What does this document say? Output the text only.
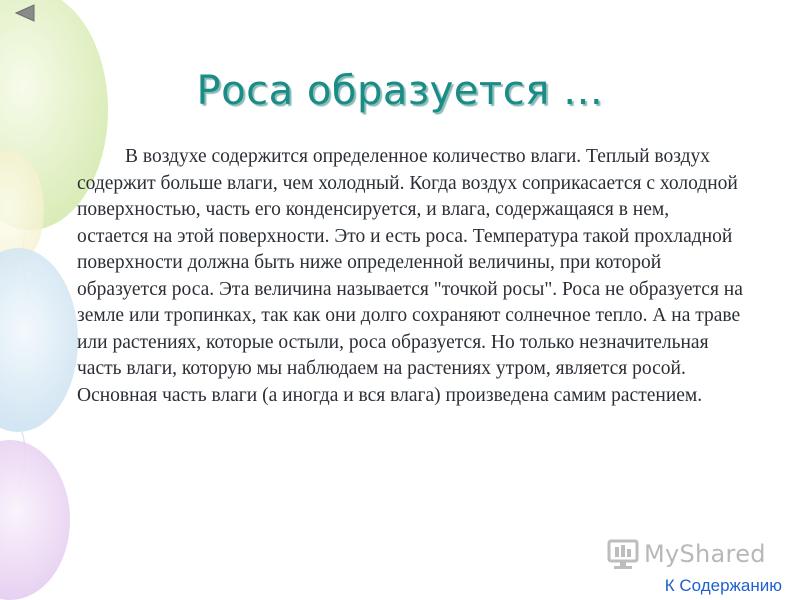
Роса образуется …

В воздухе содержится определенное количество влаги. Теплый воздух содержит больше влаги, чем холодный. Когда воздух соприкасается с холодной поверхностью, часть его конденсируется, и влага, содержащаяся в нем, остается на этой поверхности. Это и есть роса. Температура такой прохладной поверхности должна быть ниже определенной величины, при которой образуется роса. Эта величина называется "точкой росы". Роса не образуется на земле или тропинках, так как они долго сохраняют солнечное тепло. А на траве или растениях, которые остыли, роса образуется. Но только незначительная часть влаги, которую мы наблюдаем на растениях утром, является росой. Основная часть влаги (а иногда и вся влага) произведена самим растением.

MyShared
К Содержанию
